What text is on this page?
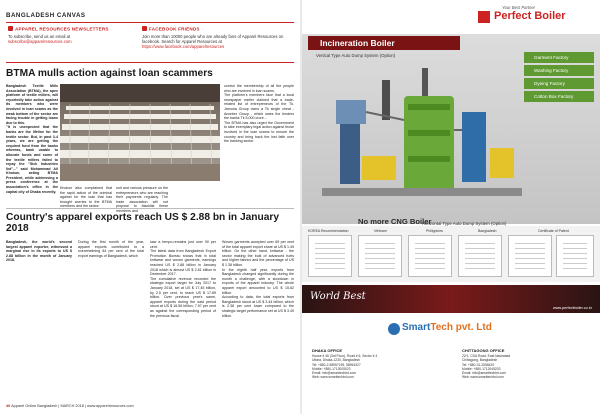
BANGLADESH CANVAS
APPAREL RESOURCES NEWSLETTERS
To subscribe, send us an email at
subscribe@apparelresources.com
FACEBOOK FRIENDS
Join more than 10000 people who are already fans of Apparel Resources on facebook. Search for Apparel Resources at
https://www.facebook.com/apparelresources
BTMA mulls action against loan scammers
Bangladesh Textile Mills Association (BTMA), the apex platform of textile millers, will reportedly take action against its members who were involved in loan scams as the weak bottom of the sector are facing trouble in getting loans due to this.
"It is unexpected that the banks are the lifeline for the textile sector. But, in past 3-4 years, we are getting the required fund from the banks whereas, bank unable to allocate funds and some of the textile millers failed to repay the "Sick Industries list"..." said Mohammad Ali Khokon, acting BTMA President, while addressing a press conference at the association's office in the capital city of Dhaka recently.
Khokon also complained that the rapid action of the criminal against for the loan that has brought worries to the BTMA members and the sector.
unit and various pressure on the entrepreneurs who are reaching their payments regularly. The trade association will not propose to blacklist these members and
control the membership of all the people who are involved in loan scams.
The platform's members face that a local newspaper earlier claimed that a trade-related list of entrepreneurs of the Tk. Jamuna Group owns a Tk single cheat - Anontex Group - which owes the lenders the banks Tk 5,000 crore...
The BTMA has also urged the Government to take exemplary legal action against those involved in the loan scams to ensure the country and bring back the lost faith over the banking sector.
Country's apparel exports reach US $ 2.88 bn in January 2018
Bangladesh, the world's second largest apparel exporter, witnessed a marginal rise in its exports to US $ 2.88 billion in the month of January 2018.
During the first month of the year, apparel exports contributed to a overwhelming 84 per cent of the total export earnings of Bangladesh, which
saw a tempo-remains just over 90 per cent.
The latest data from Bangladesh Export Promotion Bureau shows that in total knitwear and woven garments, earnings reached US $ 2.88 billion in January 2018 which is almost US $ 2.81 billion in December 2017.
The cumulative revenue recorded the strategic export target for July 2017 to January 2018, set at US $ 17.45 billion, by 2.5 per cent, to reach US $ 17.89 billion. Over previous year's same, apparel exports during the said period stood at US $ 16.56 billion, 7.97 per cent as against the corresponding period of the previous fiscal.
Woven garments accepted over 69 per cent of the total apparel export share at US $ 1.49 billion. On the other hand, knitwear - the sector making the bulk of advanced fuels and higher fabrics and the percentage of US $ 1.38 billion.
In the eighth half year, exports from Bangladesh changed significantly during the month a challenge, with a slowdown in exports of the apparel industry. The whole apparel export amounted to US $ 15.82 billion.
According to data, the total exports from Bangladesh stood at US $ 3.44 billion, which is 2.38 per cent lower compared to the strategic target performance set at US $ 3.49 billion.
40 Apparel Online Bangladesh | MARCH 2018 | www.apparelresources.com
Your Best Partner
Perfect Boiler
Incineration Boiler
Vertical Type Auto Dump System (Option)	Garment Factory
Washing Factory
Dyeing Factory
Cotton Box Factory
No more CNG Boiler
Horizontal Type Auto Dump System (Option)
KOREA Recommendation	Vietnam	Philippines	Bangladesh	Certificate of Patent
World Best
www.perfectboiler.co.kr
SmartTech pvt. Ltd
DHAKA OFFICE
House # 46 (3rd Floor), Road # 6, Sector # 4
Uttara, Dhaka-1230, Bangladesh
Tel: +880-2-58957195, 58954327
Mobile: +880-1713005023
Email: info@smarttechbd.com
Web: www.smarttechbd.com
CHITTAGONG OFFICE
22/1, CDA Road, East Nasirabad
Chittagong, Bangladesh
Tel: +880-31-2558420
Mobile: +880-1712045203
Email: info@smarttechbd.com
Web: www.smarttechbd.com
